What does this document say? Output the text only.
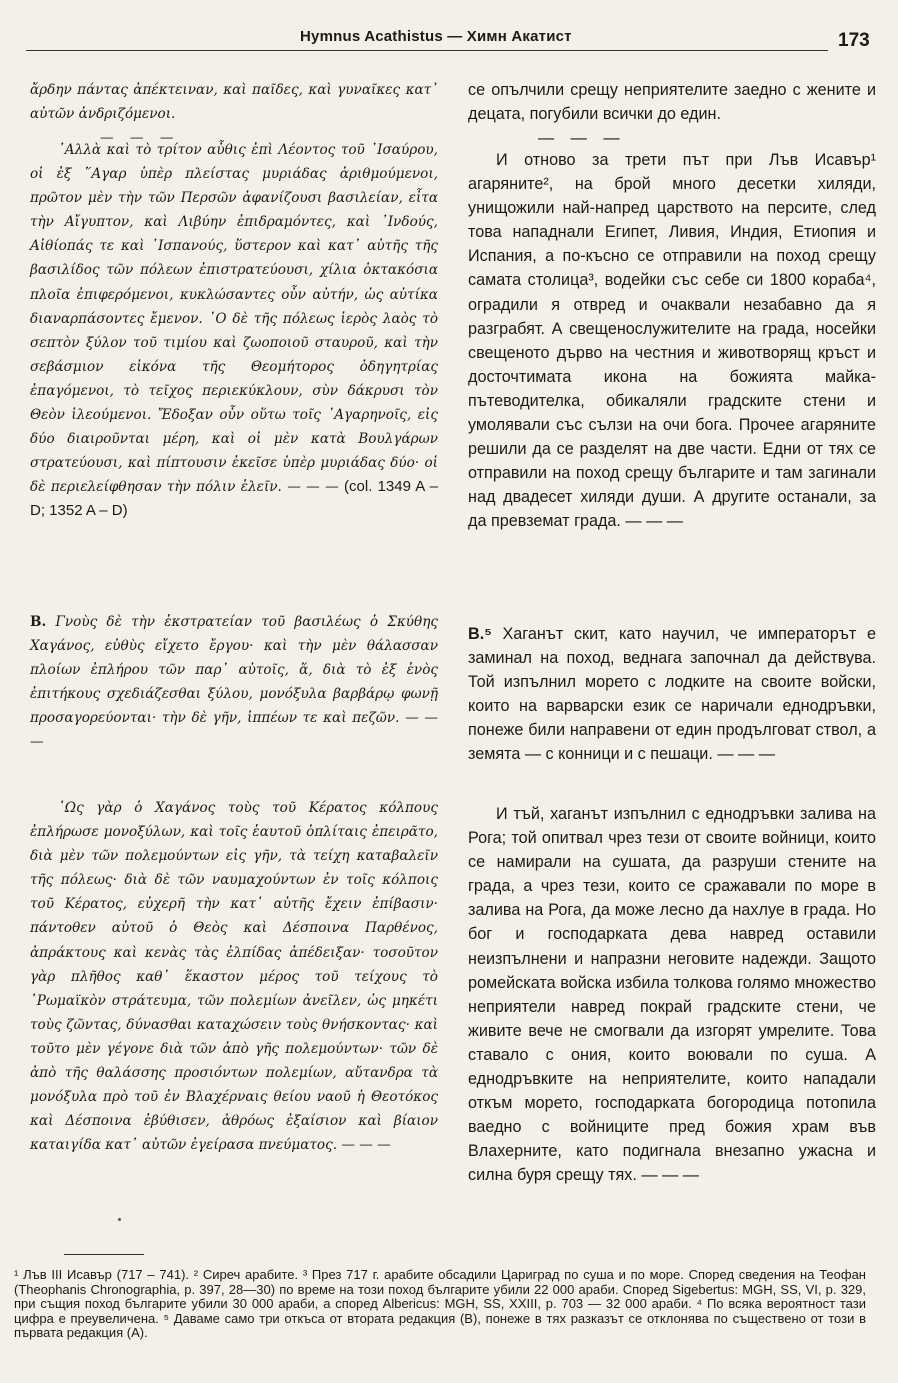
Hymnus Acathistus — Химн Акатист	173

ἄρδην πάντας ἀπέκτειναν, καὶ παῖδες, καὶ γυναῖκες κατ᾽ αὐτῶν ἀνδριζόμενοι.

— — —

᾽Αλλὰ καὶ τὸ τρίτον αὖθις ἐπὶ Λέοντος τοῦ ᾽Ισαύρου, οἱ ἐξ ῞Αγαρ ὑπὲρ πλείστας μυριάδας ἀριθμούμενοι, πρῶτον μὲν τὴν τῶν Περσῶν ἀφανίζουσι βασιλείαν, εἶτα τὴν Αἴγυπτον, καὶ Λιβύην ἐπιδραμόντες, καὶ ᾽Ινδούς, Αἰθίοπάς τε καὶ ῾Ισπανούς, ὕστερον καὶ κατ᾽ αὐτῆς τῆς βασιλίδος τῶν πόλεων ἐπιστρατεύουσι, χίλια ὀκτακόσια πλοῖα ἐπιφερόμενοι, κυκλώσαντες οὖν αὐτήν, ὡς αὐτίκα διαναρπάσοντες ἔμενον. ῾Ο δὲ τῆς πόλεως ἱερὸς λαὸς τὸ σεπτὸν ξύλον τοῦ τιμίου καὶ ζωοποιοῦ σταυροῦ, καὶ τὴν σεβάσμιον εἰκόνα τῆς Θεομήτορος ὁδηγητρίας ἐπαγόμενοι, τὸ τεῖχος περιεκύκλουν, σὺν δάκρυσι τὸν Θεὸν ἱλεούμενοι. Ἔδοξαν οὖν οὕτω τοῖς ᾽Αγαρηνοῖς, εἰς δύο διαιροῦνται μέρη, καὶ οἱ μὲν κατὰ Βουλγάρων στρατεύουσι, καὶ πίπτουσιν ἐκεῖσε ὑπὲρ μυριάδας δύο· οἱ δὲ περιελείφθησαν τὴν πόλιν ἑλεῖν. — — — (col. 1349 A – D; 1352 A – D)

B. Γνοὺς δὲ τὴν ἐκστρατείαν τοῦ βασιλέως ὁ Σκύθης Χαγάνος, εὐθὺς εἴχετο ἔργου· καὶ τὴν μὲν θάλασσαν πλοίων ἐπλήρου τῶν παρ᾽ αὐτοῖς, ἅ, διὰ τὸ ἐξ ἑνὸς ἐπιτήκους σχεδιάζεσθαι ξύλου, μονόξυλα βαρβάρῳ φωνῇ προσαγορεύονται· τὴν δὲ γῆν, ἱππέων τε καὶ πεζῶν. — — —

῾Ως γὰρ ὁ Χαγάνος τοὺς τοῦ Κέρατος κόλπους ἐπλήρωσε μονοξύλων, καὶ τοῖς ἑαυτοῦ ὁπλίταις ἐπειρᾶτο, διὰ μὲν τῶν πολεμούντων εἰς γῆν, τὰ τείχη καταβαλεῖν τῆς πόλεως· διὰ δὲ τῶν ναυμαχούντων ἐν τοῖς κόλποις τοῦ Κέρατος, εὐχερῆ τὴν κατ᾽ αὐτῆς ἔχειν ἐπίβασιν· πάντοθεν αὐτοῦ ὁ Θεὸς καὶ Δέσποινα Παρθένος, ἀπράκτους καὶ κενὰς τὰς ἐλπίδας ἀπέδειξαν· τοσοῦτον γὰρ πλῆθος καθ᾽ ἕκαστον μέρος τοῦ τείχους τὸ ῾Ρωμαϊκὸν στράτευμα, τῶν πολεμίων ἀνεῖλεν, ὡς μηκέτι τοὺς ζῶντας, δύνασθαι καταχώσειν τοὺς θνήσκοντας· καὶ τοῦτο μὲν γέγονε διὰ τῶν ἀπὸ γῆς πολεμούντων· τῶν δὲ ἀπὸ τῆς θαλάσσης προσιόντων πολεμίων, αὔτανδρα τὰ μονόξυλα πρὸ τοῦ ἐν Βλαχέρναις θείου ναοῦ ἡ Θεοτόκος καὶ Δέσποινα ἐβύθισεν, ἀθρόως ἐξαίσιον καὶ βίαιον καταιγίδα κατ᾽ αὐτῶν ἐγείρασα πνεύματος. — — —

се опълчили срещу неприятелите заедно с жените и децата, погубили всички до един.

— — —

И отново за трети път при Лъв Исавър¹ агаряните², на брой много десетки хиляди, унищожили най-напред царството на персите, след това нападнали Египет, Ливия, Индия, Етиопия и Испания, а по-късно се отправили на поход срещу самата столица³, водейки със себе си 1800 кораба⁴, оградили я отвред и очаквали незабавно да я разграбят. А свещенослужителите на града, носейки свещеното дърво на честния и животворящ кръст и досточтимата икона на божията майка-пътеводителка, обикаляли градските стени и умолявали със сълзи на очи бога. Прочее агаряните решили да се разделят на две части. Едни от тях се отправили на поход срещу българите и там загинали над двадесет хиляди души. А другите останали, за да превземат града. — — —

B.⁵ Хаганът скит, като научил, че императорът е заминал на поход, веднага започнал да действува. Той изпълнил морето с лодките на своите войски, които на варварски език се наричали еднодръвки, понеже били направени от един продълговат ствол, а земята — с конници и с пешаци. — — —

И тъй, хаганът изпълнил с еднодръвки залива на Рога; той опитвал чрез тези от своите войници, които се намирали на сушата, да разруши стените на града, а чрез тези, които се сражавали по море в залива на Рога, да може лесно да нахлуе в града. Но бог и господарката дева навред оставили неизпълнени и напразни неговите надежди. Защото ромейската войска избила толкова голямо множество неприятели навред покрай градските стени, че живите вече не смогвали да изгорят умрелите. Това ставало с ония, които воювали по суша. А еднодръвките на неприятелите, които нападали откъм морето, господарката богородица потопила ваедно с войниците пред божия храм във Влахерните, като подигнала внезапно ужасна и силна буря срещу тях. — — —

¹ Лъв III Исавър (717 – 741). ² Сиреч арабите. ³ През 717 г. арабите обсадили Цариград по суша и по море. Според сведения на Теофан (Theophanis Chronographia, p. 397, 28—30) по време на този поход българите убили 22 000 араби. Според Sigebertus: MGH, SS, VI, p. 329, при същия поход българите убили 30 000 араби, а според Albericus: MGH, SS, XXIII, p. 703 — 32 000 араби. ⁴ По всяка вероятност тази цифра е преувеличена. ⁵ Даваме само три откъса от втората редакция (B), понеже в тях разказът се отклонява по съществено от този в първата редакция (А).
